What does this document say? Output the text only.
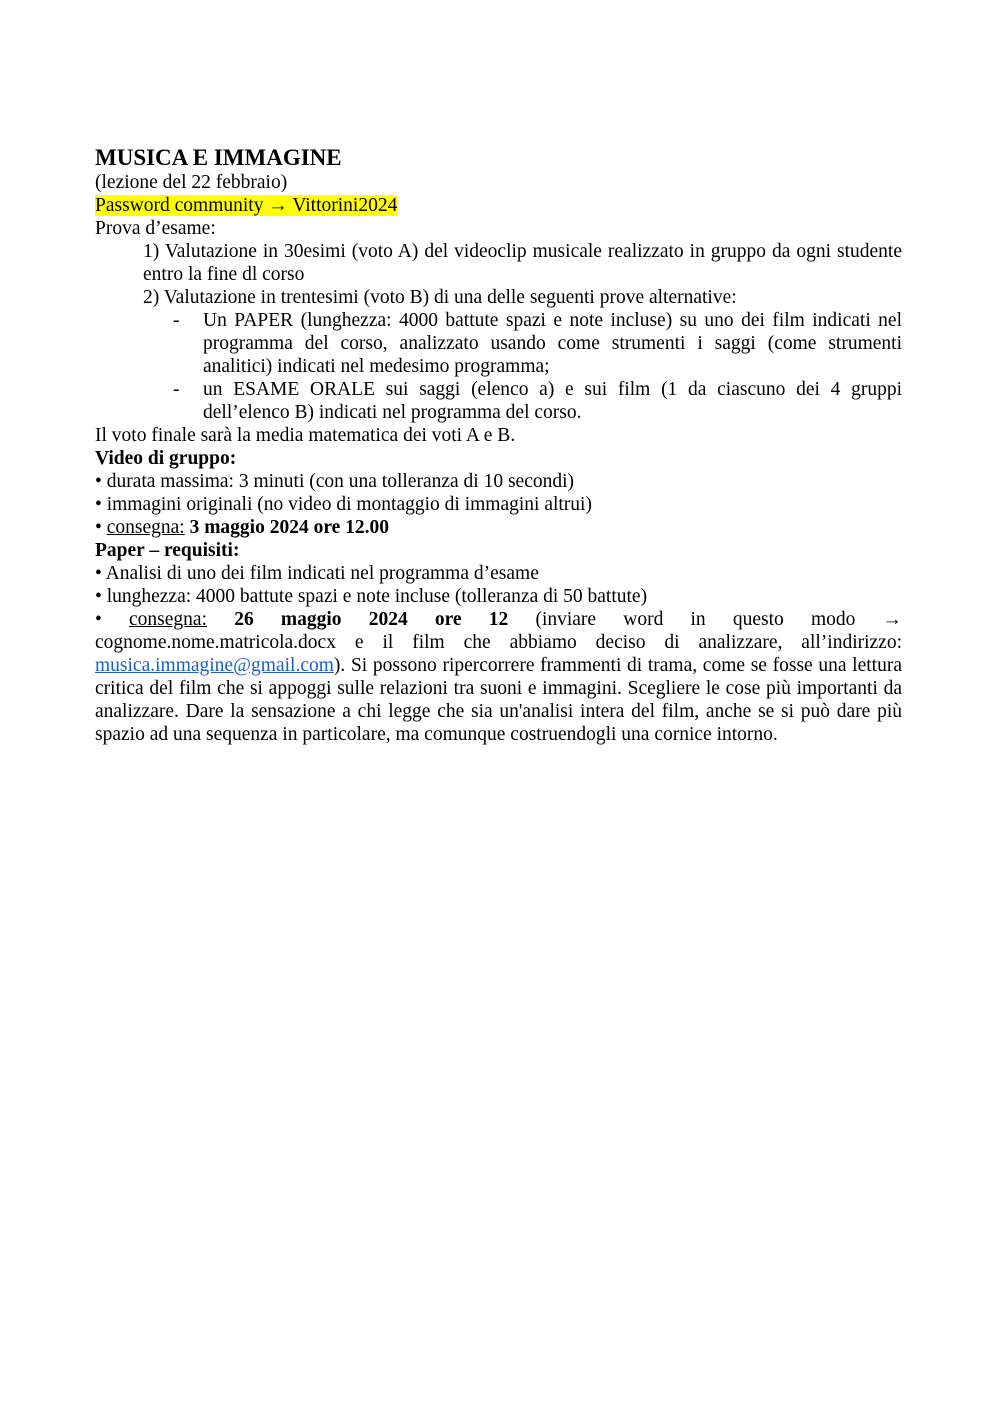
MUSICA E IMMAGINE
(lezione del 22 febbraio)
Password community → Vittorini2024
Prova d’esame:
1) Valutazione in 30esimi (voto A) del videoclip musicale realizzato in gruppo da ogni studente entro la fine dl corso
2) Valutazione in trentesimi (voto B) di una delle seguenti prove alternative:
- Un PAPER (lunghezza: 4000 battute spazi e note incluse) su uno dei film indicati nel programma del corso, analizzato usando come strumenti i saggi (come strumenti analitici) indicati nel medesimo programma;
- un ESAME ORALE sui saggi (elenco a) e sui film (1 da ciascuno dei 4 gruppi dell’elenco B) indicati nel programma del corso.
Il voto finale sarà la media matematica dei voti A e B.
Video di gruppo:
• durata massima: 3 minuti (con una tolleranza di 10 secondi)
• immagini originali (no video di montaggio di immagini altrui)
• consegna: 3 maggio 2024 ore 12.00
Paper – requisiti:
• Analisi di uno dei film indicati nel programma d’esame
• lunghezza: 4000 battute spazi e note incluse (tolleranza di 50 battute)
• consegna: 26 maggio 2024 ore 12 (inviare word in questo modo →
cognome.nome.matricola.docx e il film che abbiamo deciso di analizzare, all’indirizzo:
musica.immagine@gmail.com). Si possono ripercorrere frammenti di trama, come se fosse una lettura critica del film che si appoggi sulle relazioni tra suoni e immagini. Scegliere le cose più importanti da analizzare. Dare la sensazione a chi legge che sia un'analisi intera del film, anche se si può dare più spazio ad una sequenza in particolare, ma comunque costruendogli una cornice intorno.
